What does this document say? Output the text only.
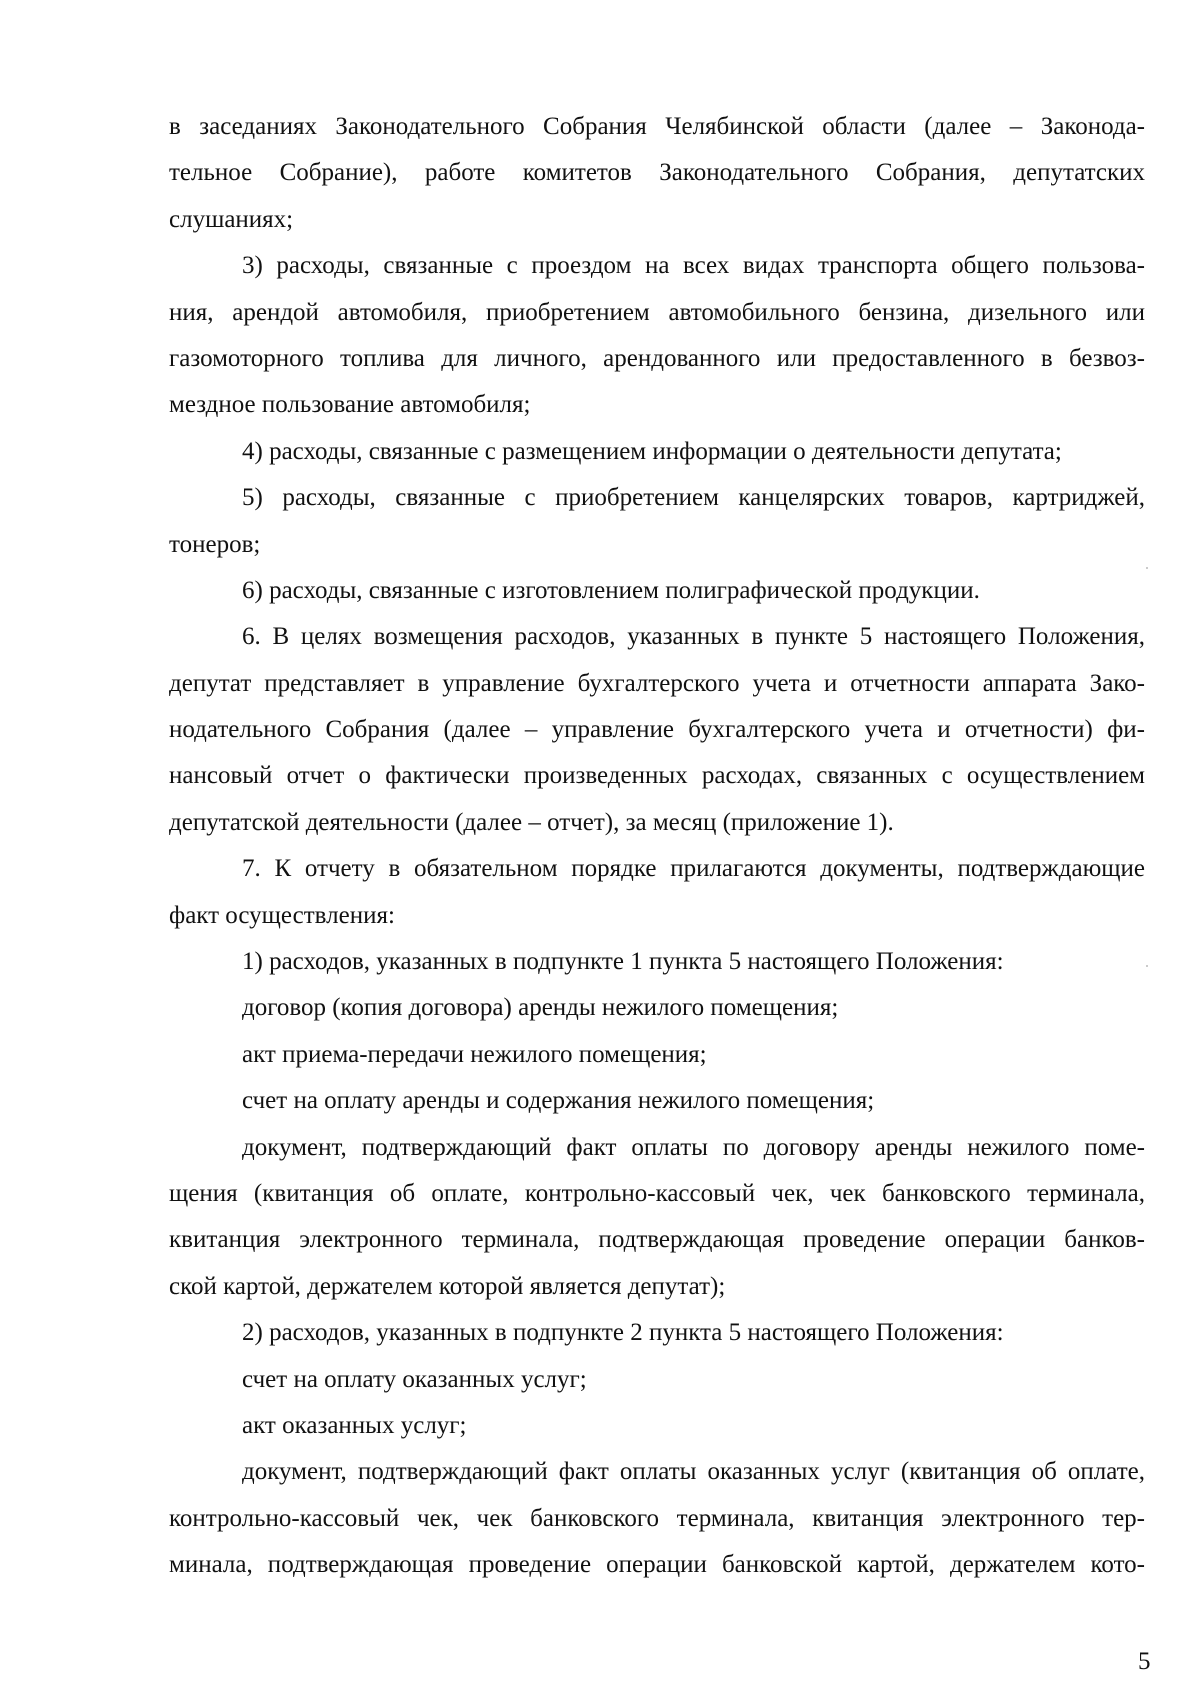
в заседаниях Законодательного Собрания Челябинской области (далее – Законода-
тельное Собрание), работе комитетов Законодательного Собрания, депутатских
слушаниях;
3) расходы, связанные с проездом на всех видах транспорта общего пользова-
ния, арендой автомобиля, приобретением автомобильного бензина, дизельного или
газомоторного топлива для личного, арендованного или предоставленного в безвоз-
мездное пользование автомобиля;
4) расходы, связанные с размещением информации о деятельности депутата;
5) расходы, связанные с приобретением канцелярских товаров, картриджей,
тонеров;
6) расходы, связанные с изготовлением полиграфической продукции.
6. В целях возмещения расходов, указанных в пункте 5 настоящего Положения,
депутат представляет в управление бухгалтерского учета и отчетности аппарата Зако-
нодательного Собрания (далее – управление бухгалтерского учета и отчетности) фи-
нансовый отчет о фактически произведенных расходах, связанных с осуществлением
депутатской деятельности (далее – отчет), за месяц (приложение 1).
7. К отчету в обязательном порядке прилагаются документы, подтверждающие
факт осуществления:
1) расходов, указанных в подпункте 1 пункта 5 настоящего Положения:
договор (копия договора) аренды нежилого помещения;
акт приема-передачи нежилого помещения;
счет на оплату аренды и содержания нежилого помещения;
документ, подтверждающий факт оплаты по договору аренды нежилого поме-
щения (квитанция об оплате, контрольно-кассовый чек, чек банковского терминала,
квитанция электронного терминала, подтверждающая проведение операции банков-
ской картой, держателем которой является депутат);
2) расходов, указанных в подпункте 2 пункта 5 настоящего Положения:
счет на оплату оказанных услуг;
акт оказанных услуг;
документ, подтверждающий факт оплаты оказанных услуг (квитанция об оплате,
контрольно-кассовый чек, чек банковского терминала, квитанция электронного тер-
минала, подтверждающая проведение операции банковской картой, держателем кото-
5
